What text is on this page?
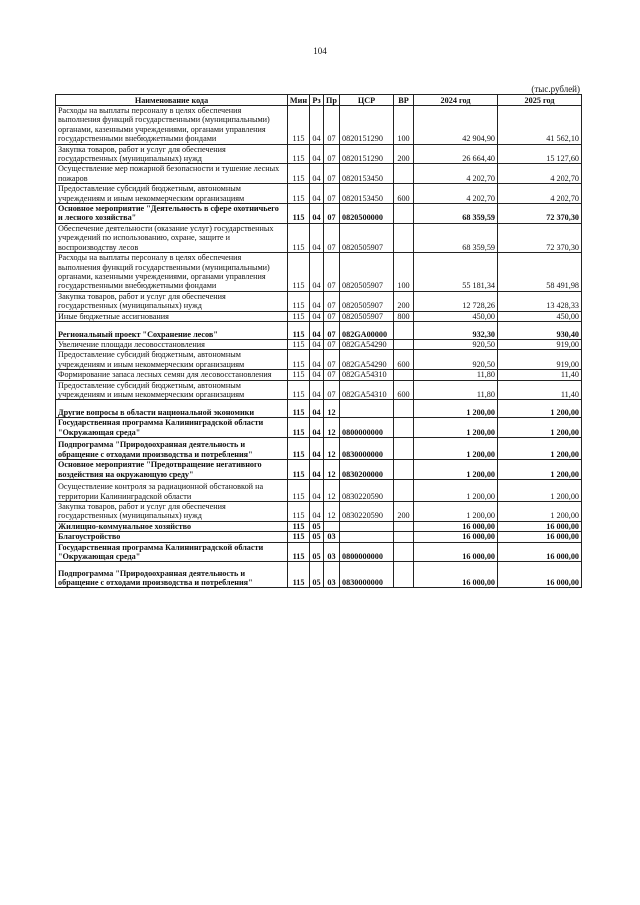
104
(тыс.рублей)
Наименование кода	Мин	Рз	Пр	ЦСР	ВР	2024 год	2025 год
Расходы на выплаты персоналу в целях обеспечения выполнения функций государственными (муниципальными) органами, казенными учреждениями, органами управления государственными внебюджетными фондами	115	04	07	0820151290	100	42 904,90	41 562,10
Закупка товаров, работ и услуг для обеспечения государственных (муниципальных) нужд	115	04	07	0820151290	200	26 664,40	15 127,60
Осуществление мер пожарной безопасности и тушение лесных пожаров	115	04	07	0820153450		4 202,70	4 202,70
Предоставление субсидий бюджетным, автономным учреждениям и иным некоммерческим организациям	115	04	07	0820153450	600	4 202,70	4 202,70
Основное мероприятие "Деятельность в сфере охотничьего и лесного хозяйства"	115	04	07	0820500000		68 359,59	72 370,30
Обеспечение деятельности (оказание услуг) государственных учреждений по использованию, охране, защите и воспроизводству лесов	115	04	07	0820505907		68 359,59	72 370,30
Расходы на выплаты персоналу в целях обеспечения выполнения функций государственными (муниципальными) органами, казенными учреждениями, органами управления государственными внебюджетными фондами	115	04	07	0820505907	100	55 181,34	58 491,98
Закупка товаров, работ и услуг для обеспечения государственных (муниципальных) нужд	115	04	07	0820505907	200	12 728,26	13 428,33
Иные бюджетные ассигнования	115	04	07	0820505907	800	450,00	450,00
Региональный проект "Сохранение лесов"	115	04	07	082GA00000		932,30	930,40
Увеличение площади лесовосстановления	115	04	07	082GA54290		920,50	919,00
Предоставление субсидий бюджетным, автономным учреждениям и иным некоммерческим организациям	115	04	07	082GA54290	600	920,50	919,00
Формирование запаса лесных семян для лесовосстановления	115	04	07	082GA54310		11,80	11,40
Предоставление субсидий бюджетным, автономным учреждениям и иным некоммерческим организациям	115	04	07	082GA54310	600	11,80	11,40
Другие вопросы в области национальной экономики	115	04	12			1 200,00	1 200,00
Государственная программа Калининградской области "Окружающая среда"	115	04	12	0800000000		1 200,00	1 200,00
Подпрограмма "Природоохранная деятельность и обращение с отходами производства и потребления"	115	04	12	0830000000		1 200,00	1 200,00
Основное мероприятие "Предотвращение негативного воздействия на окружающую среду"	115	04	12	0830200000		1 200,00	1 200,00
Осуществление контроля за радиационной обстановкой на территории Калининградской области	115	04	12	0830220590		1 200,00	1 200,00
Закупка товаров, работ и услуг для обеспечения государственных (муниципальных) нужд	115	04	12	0830220590	200	1 200,00	1 200,00
Жилищно-коммунальное хозяйство	115	05				16 000,00	16 000,00
Благоустройство	115	05	03			16 000,00	16 000,00
Государственная программа Калининградской области "Окружающая среда"	115	05	03	0800000000		16 000,00	16 000,00
Подпрограмма "Природоохранная деятельность и обращение с отходами производства и потребления"	115	05	03	0830000000		16 000,00	16 000,00
